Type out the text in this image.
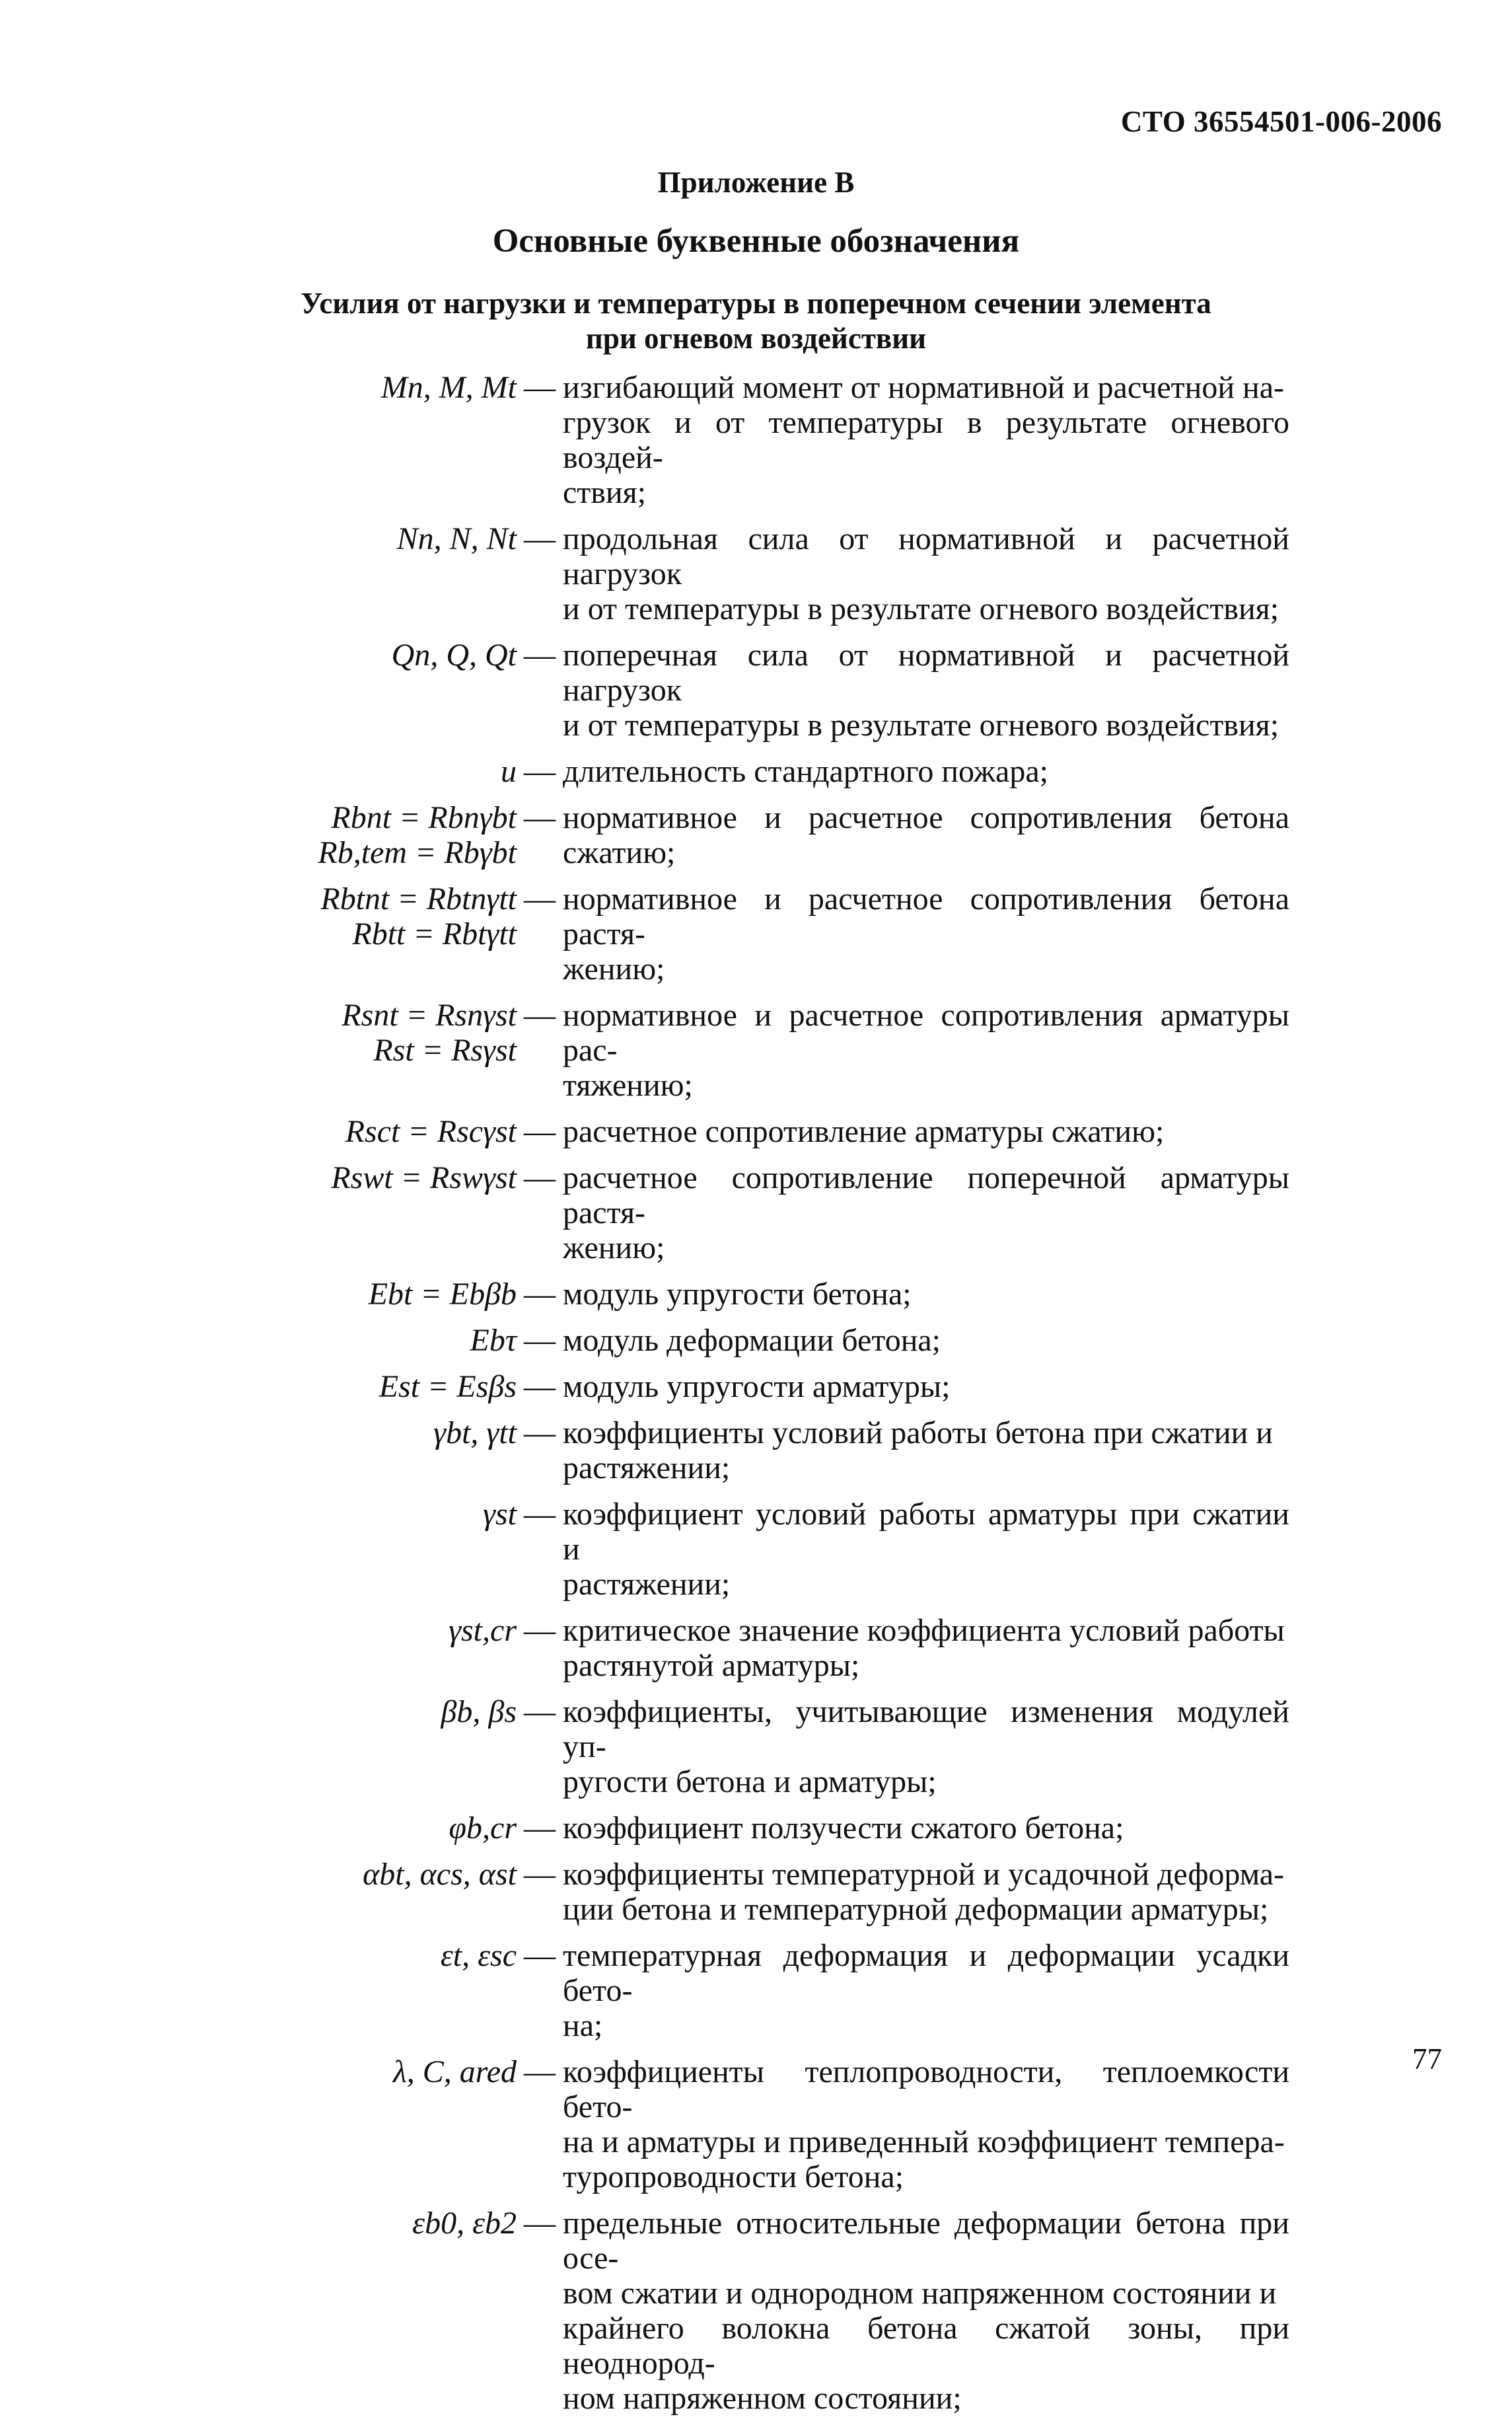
СТО 36554501-006-2006
Приложение В
Основные буквенные обозначения
Усилия от нагрузки и температуры в поперечном сечении элемента
при огневом воздействии
Mn, M, Mt — изгибающий момент от нормативной и расчетной на-
грузок и от температуры в результате огневого воздей-
ствия;
Nn, N, Nt — продольная сила от нормативной и расчетной нагрузок
и от температуры в результате огневого воздействия;
Qn, Q, Qt — поперечная сила от нормативной и расчетной нагрузок
и от температуры в результате огневого воздействия;
u — длительность стандартного пожара;
Rbnt = Rbnγbt
Rb,tem = Rbγbt
— нормативное и расчетное сопротивления бетона сжатию;
Rbtnt = Rbtnγtt
Rbtt = Rbtγtt
— нормативное и расчетное сопротивления бетона растя-
жению;
Rsnt = Rsnγst
Rst = Rsγst
— нормативное и расчетное сопротивления арматуры рас-
тяжению;
Rsct = Rscγst — расчетное сопротивление арматуры сжатию;
Rswt = Rswγst — расчетное сопротивление поперечной арматуры растя-
жению;
Ebt = Ebβb — модуль упругости бетона;
Ebτ — модуль деформации бетона;
Est = Esβs — модуль упругости арматуры;
γbt, γtt — коэффициенты условий работы бетона при сжатии и
растяжении;
γst — коэффициент условий работы арматуры при сжатии и
растяжении;
γst,cr — критическое значение коэффициента условий работы
растянутой арматуры;
βb, βs — коэффициенты, учитывающие изменения модулей уп-
ругости бетона и арматуры;
φb,cr — коэффициент ползучести сжатого бетона;
αbt, αcs, αst — коэффициенты температурной и усадочной деформа-
ции бетона и температурной деформации арматуры;
εt, εsc — температурная деформация и деформации усадки бето-
на;
λ, C, ared — коэффициенты теплопроводности, теплоемкости бето-
на и арматуры и приведенный коэффициент темпера-
туропроводности бетона;
εb0, εb2 — предельные относительные деформации бетона при осе-
вом сжатии и однородном напряженном состоянии и
крайнего волокна бетона сжатой зоны, при неоднород-
ном напряженном состоянии;
77
